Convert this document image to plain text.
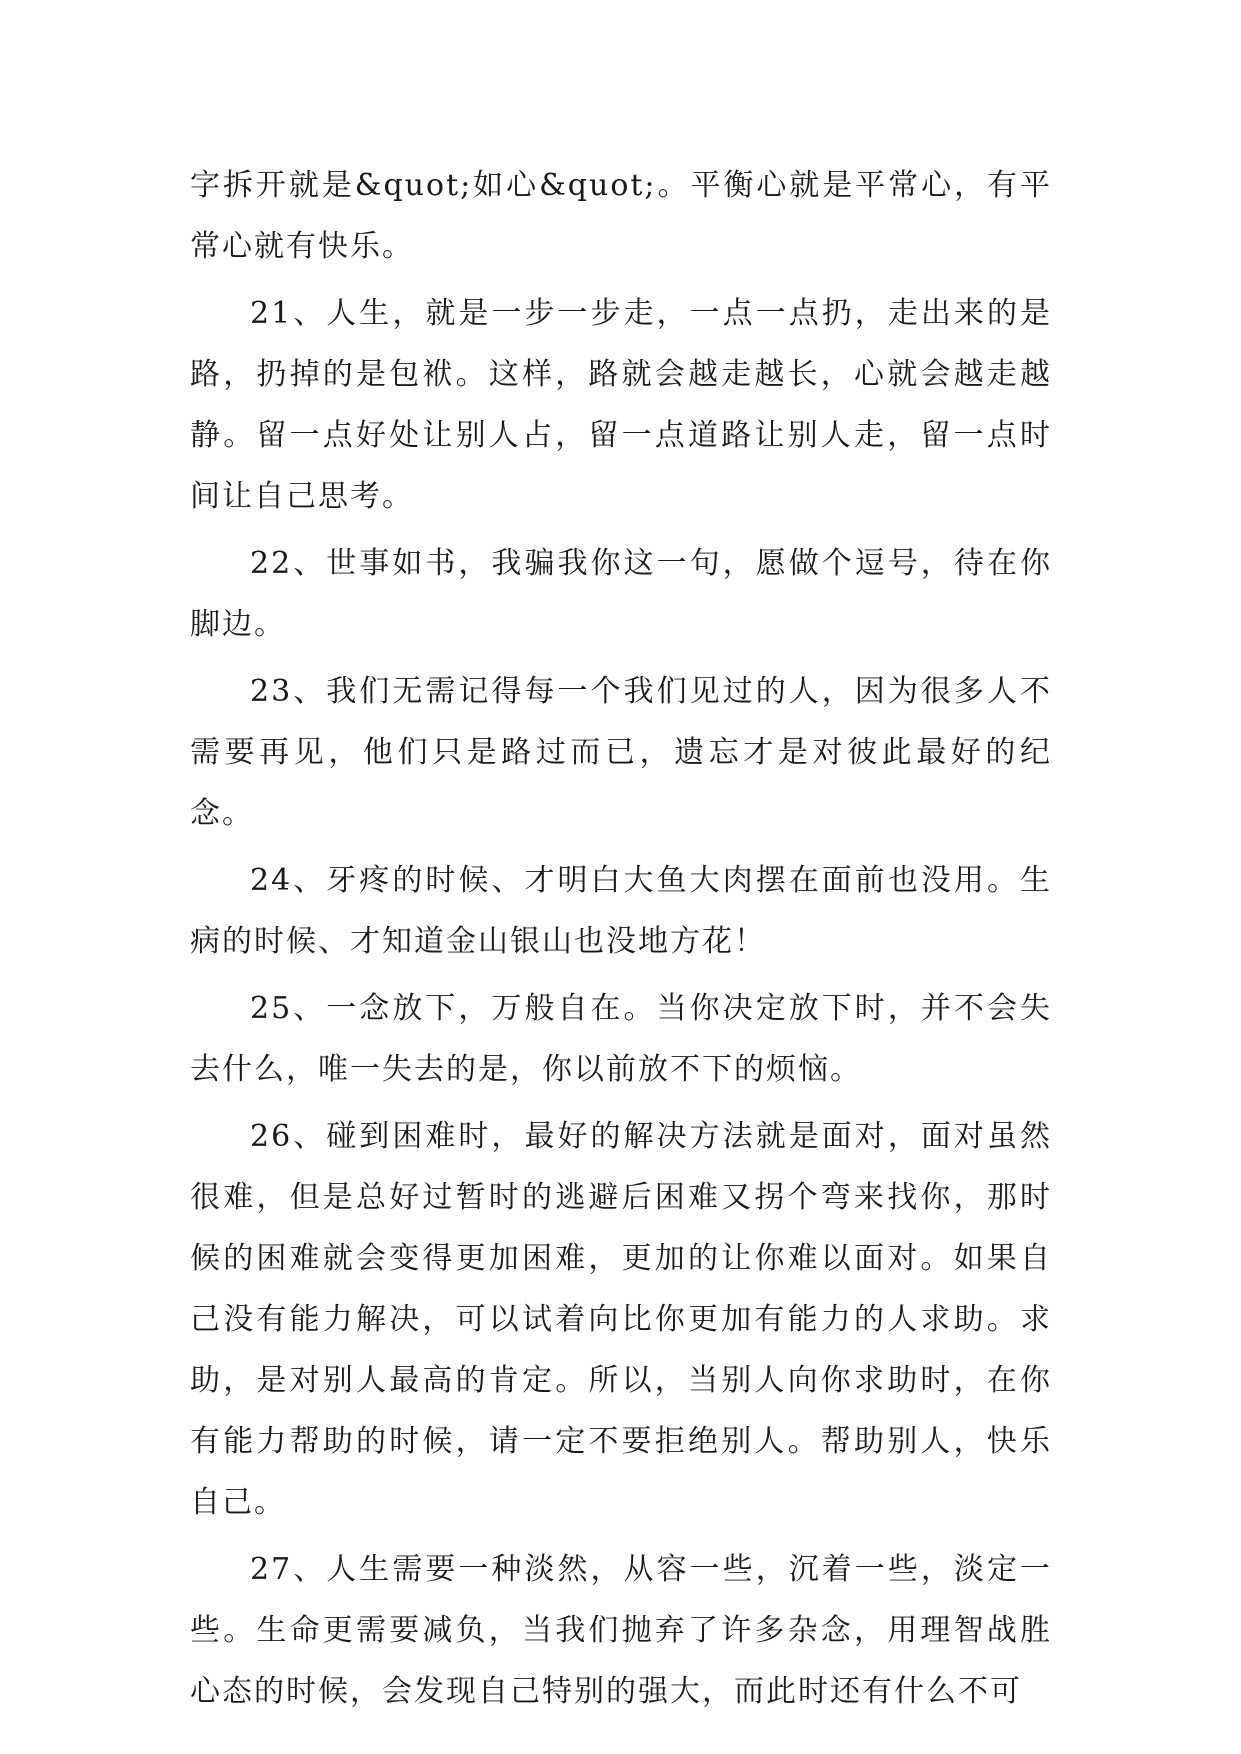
字拆开就是&quot;如心&quot;。平衡心就是平常心，有平常心就有快乐。

21、人生，就是一步一步走，一点一点扔，走出来的是路，扔掉的是包袱。这样，路就会越走越长，心就会越走越静。留一点好处让别人占，留一点道路让别人走，留一点时间让自己思考。

22、世事如书，我骗我你这一句，愿做个逗号，待在你脚边。

23、我们无需记得每一个我们见过的人，因为很多人不需要再见，他们只是路过而已，遗忘才是对彼此最好的纪念。

24、牙疼的时候、才明白大鱼大肉摆在面前也没用。生病的时候、才知道金山银山也没地方花！

25、一念放下，万般自在。当你决定放下时，并不会失去什么，唯一失去的是，你以前放不下的烦恼。

26、碰到困难时，最好的解决方法就是面对，面对虽然很难，但是总好过暂时的逃避后困难又拐个弯来找你，那时候的困难就会变得更加困难，更加的让你难以面对。如果自己没有能力解决，可以试着向比你更加有能力的人求助。求助，是对别人最高的肯定。所以，当别人向你求助时，在你有能力帮助的时候，请一定不要拒绝别人。帮助别人，快乐自己。

27、人生需要一种淡然，从容一些，沉着一些，淡定一些。生命更需要减负，当我们抛弃了许多杂念，用理智战胜心态的时候，会发现自己特别的强大，而此时还有什么不可
